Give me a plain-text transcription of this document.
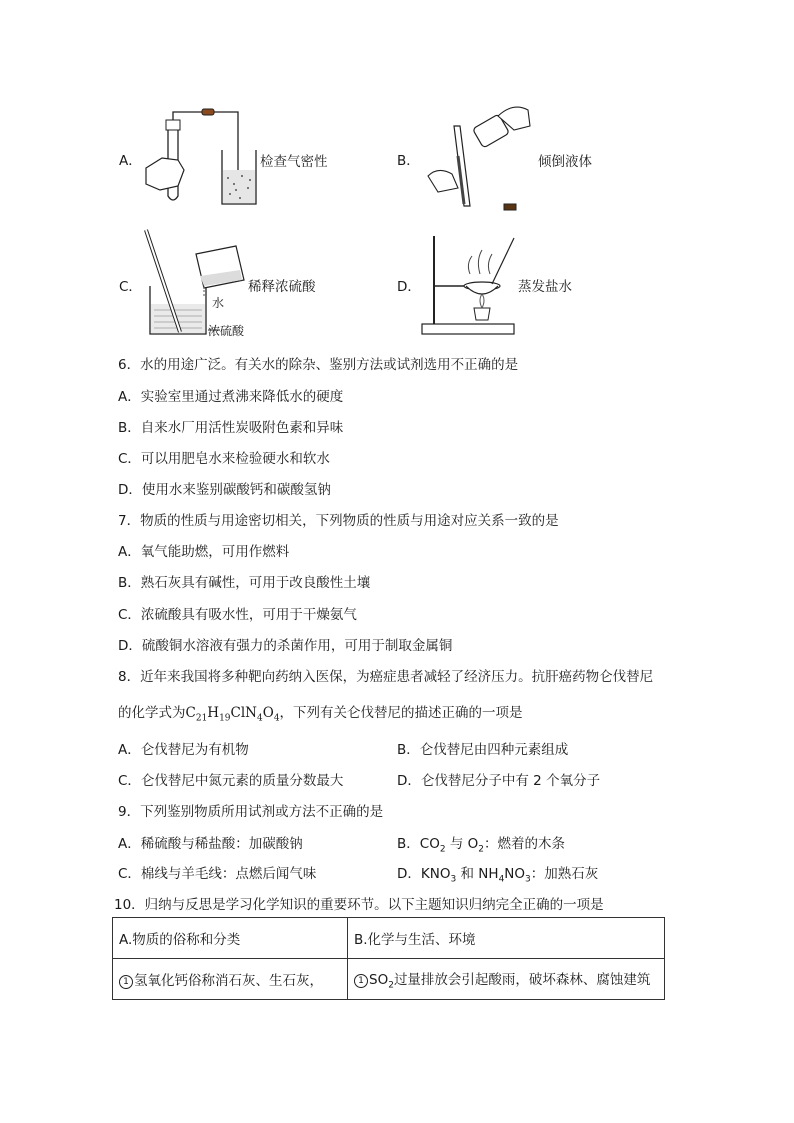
A．	检查气密性	B．	倾倒液体
C．
水
浓硫酸
稀释浓硫酸	D．	蒸发盐水
6．水的用途广泛。有关水的除杂、鉴别方法或试剂选用不正确的是
A．实验室里通过煮沸来降低水的硬度
B．自来水厂用活性炭吸附色素和异味
C．可以用肥皂水来检验硬水和软水
D．使用水来鉴别碳酸钙和碳酸氢钠
7．物质的性质与用途密切相关，下列物质的性质与用途对应关系一致的是
A．氧气能助燃，可用作燃料
B．熟石灰具有碱性，可用于改良酸性土壤
C．浓硫酸具有吸水性，可用于干燥氨气
D．硫酸铜水溶液有强力的杀菌作用，可用于制取金属铜
8．近年来我国将多种靶向药纳入医保，为癌症患者减轻了经济压力。抗肝癌药物仑伐替尼
的化学式为$C_{21}H_{19}ClN_4O_4$，下列有关仑伐替尼的描述正确的一项是
A．仑伐替尼为有机物	B．仑伐替尼由四种元素组成
C．仑伐替尼中氮元素的质量分数最大	D．仑伐替尼分子中有 2 个氧分子
9．下列鉴别物质所用试剂或方法不正确的是
A．稀硫酸与稀盐酸：加碳酸钠	B．$CO_2$ 与 $O_2$：燃着的木条
C．棉线与羊毛线：点燃后闻气味	D．$KNO_3$ 和 $NH_4NO_3$：加熟石灰
10．归纳与反思是学习化学知识的重要环节。以下主题知识归纳完全正确的一项是
A.物质的俗称和分类	B.化学与生活、环境
1 氢氧化钙俗称消石灰、生石灰，	1 $SO_2$过量排放会引起酸雨，破坏森林、腐蚀建筑
